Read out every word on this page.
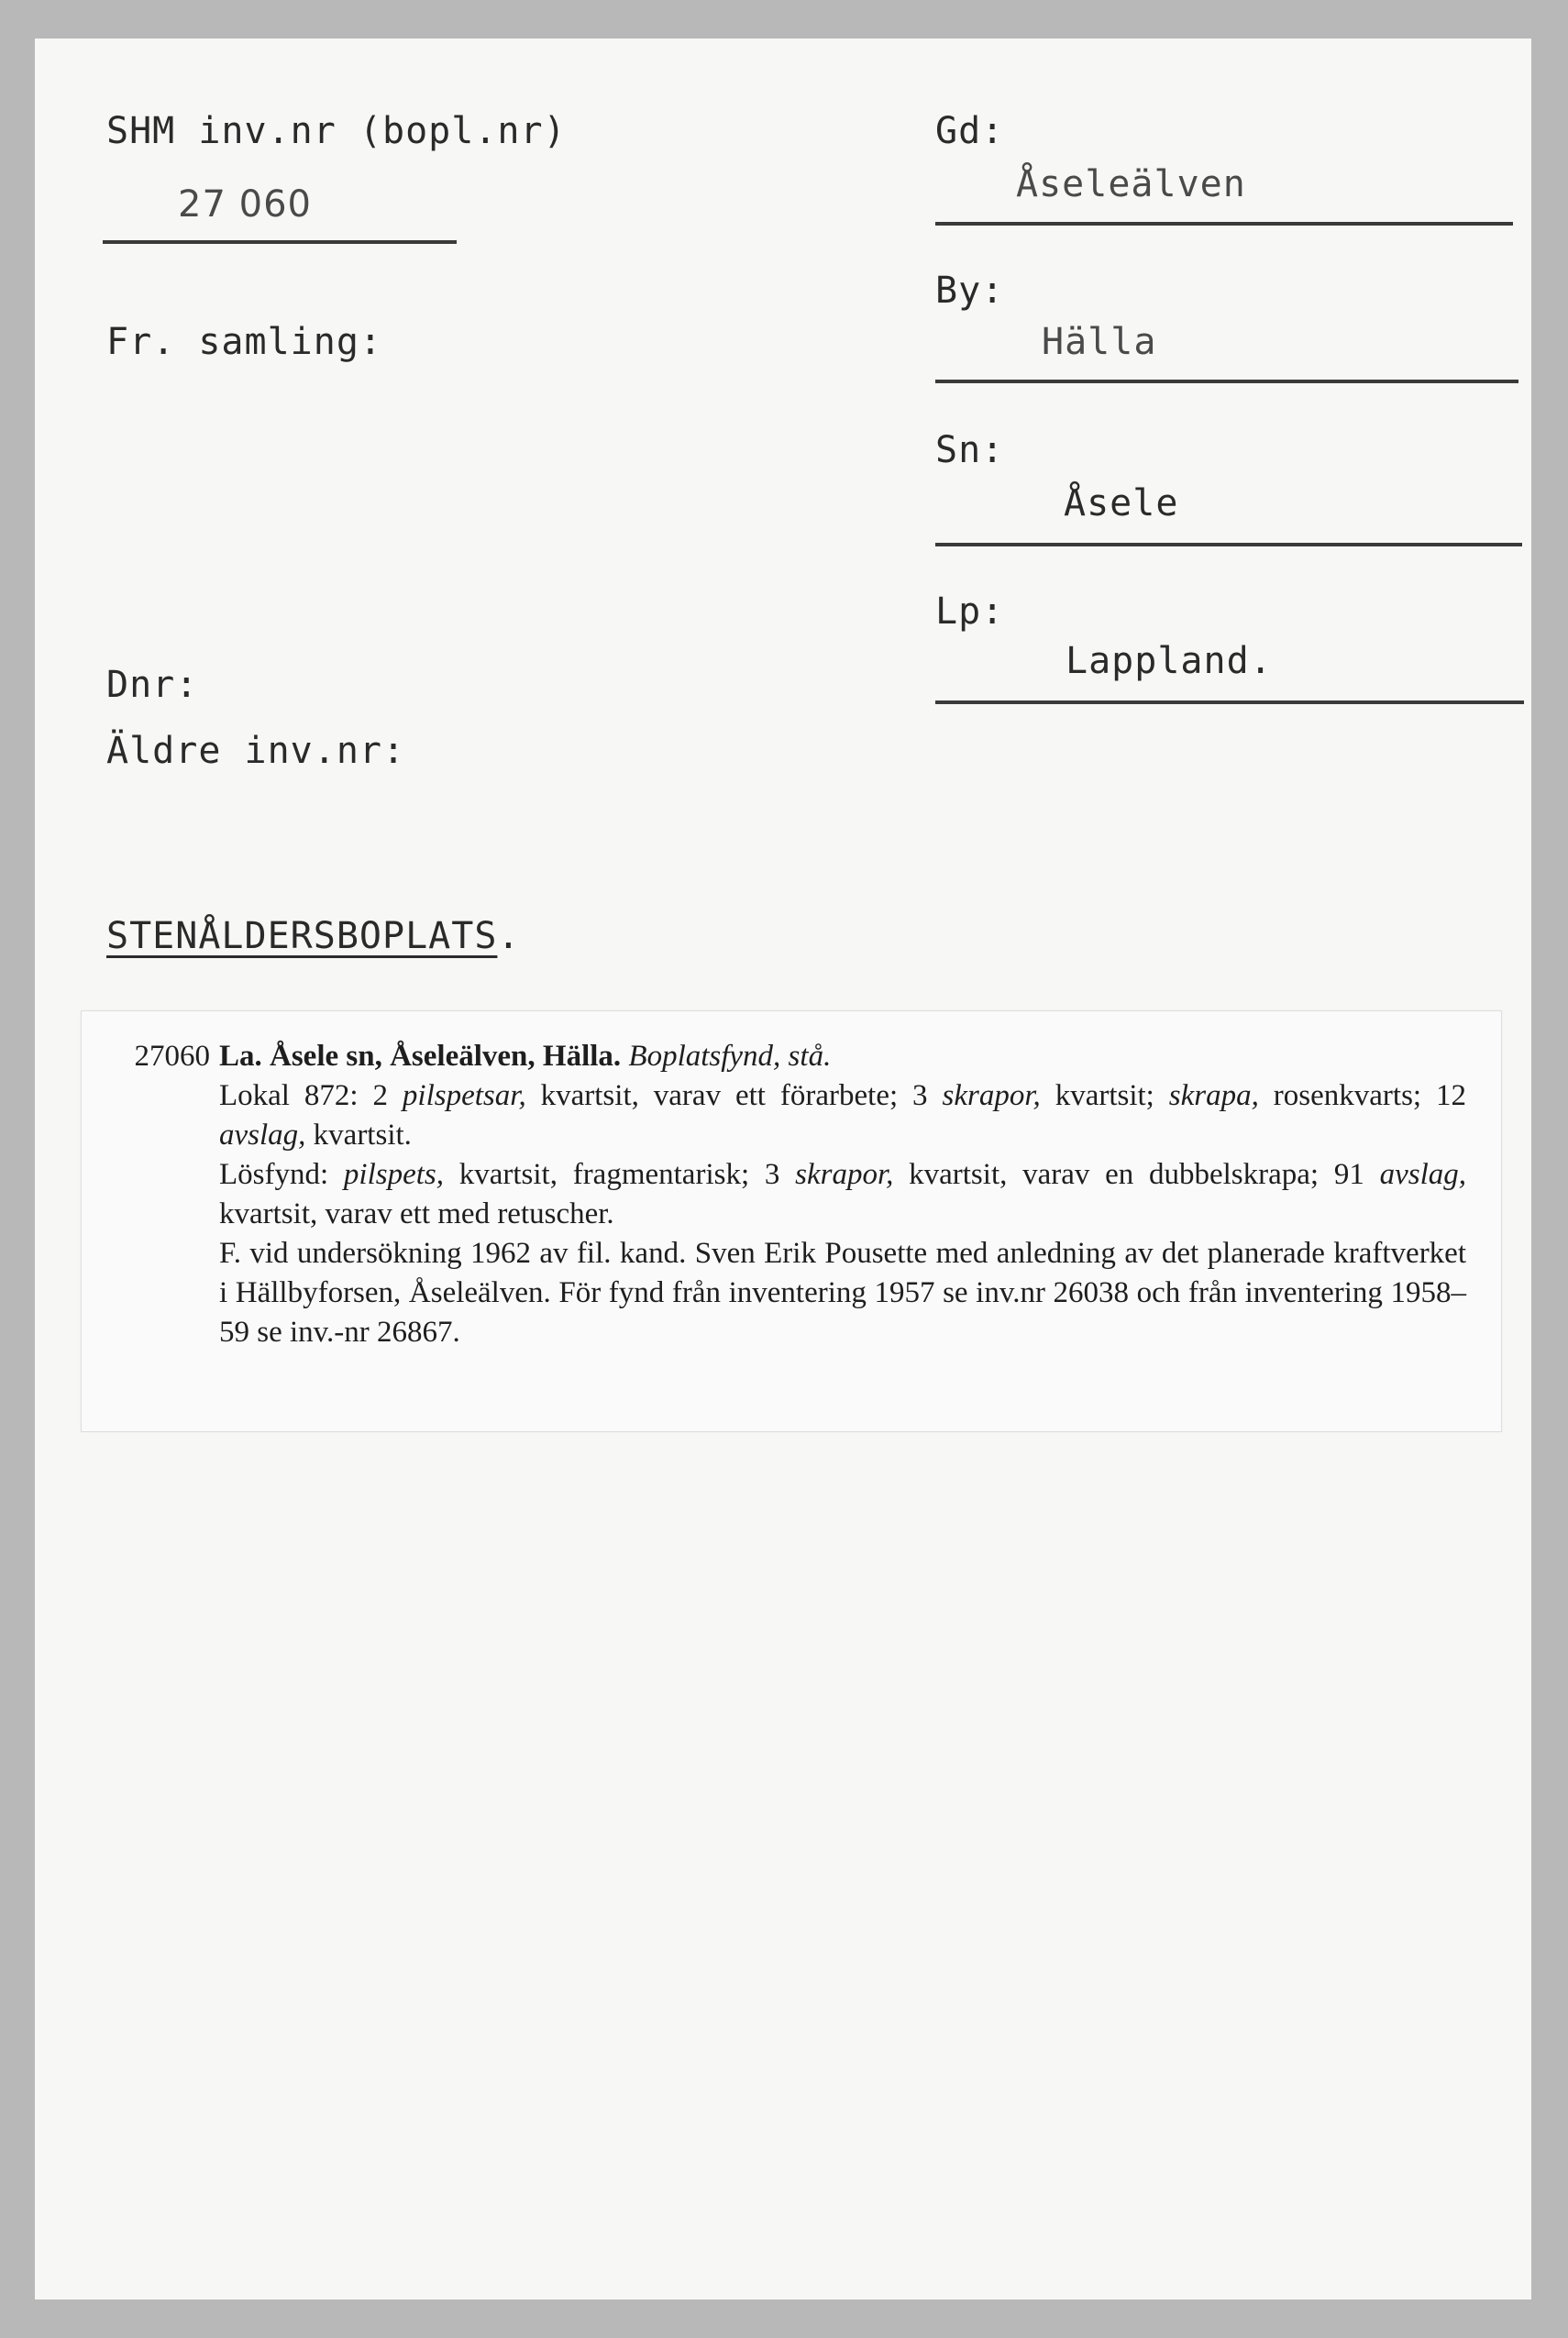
SHM inv.nr (bopl.nr)
27 060
Fr. samling:
Dnr:
Äldre inv.nr:
Gd:
Åseleälven
By:
Hälla
Sn:
Åsele
Lp:
Lappland.
STENÅLDERSBOPLATS.
27060 La. Åsele sn, Åseleälven, Hälla. Boplatsfynd, stå.

Lokal 872: 2 pilspetsar, kvartsit, varav ett förarbete; 3 skrapor, kvartsit; skrapa, rosenkvarts; 12 avslag, kvartsit.

Lösfynd: pilspets, kvartsit, fragmentarisk; 3 skrapor, kvartsit, varav en dubbelskrapa; 91 avslag, kvartsit, varav ett med retuscher.

F. vid undersökning 1962 av fil. kand. Sven Erik Pousette med anledning av det planerade kraftverket i Hällbyforsen, Åseleälven. För fynd från inventering 1957 se inv.nr 26038 och från inventering 1958–59 se inv.-nr 26867.
